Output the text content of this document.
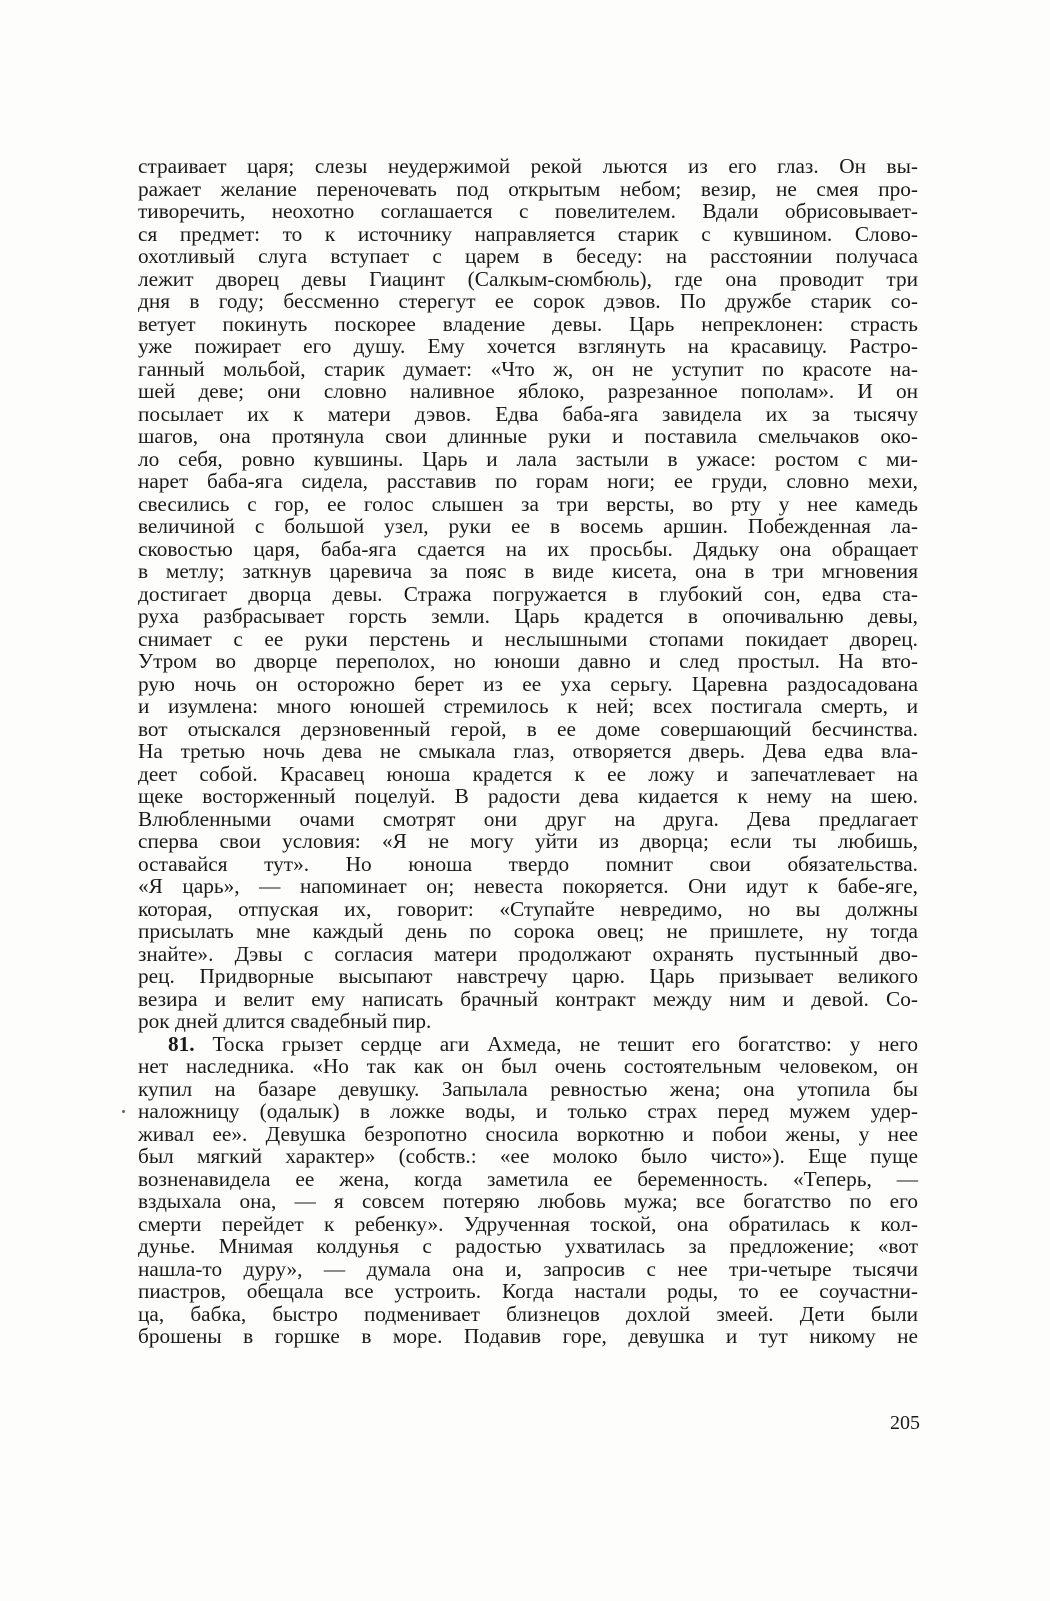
страивает царя; слезы неудержимой рекой льются из его глаз. Он вы-
ражает желание переночевать под открытым небом; везир, не смея про-
тиворечить, неохотно соглашается с повелителем. Вдали обрисовывает-
ся предмет: то к источнику направляется старик с кувшином. Слово-
охотливый слуга вступает с царем в беседу: на расстоянии получаса
лежит дворец девы Гиацинт (Салкым-сюмбюль), где она проводит три
дня в году; бессменно стерегут ее сорок дэвов. По дружбе старик со-
ветует покинуть поскорее владение девы. Царь непреклонен: страсть
уже пожирает его душу. Ему хочется взглянуть на красавицу. Растро-
ганный мольбой, старик думает: «Что ж, он не уступит по красоте на-
шей деве; они словно наливное яблоко, разрезанное пополам». И он
посылает их к матери дэвов. Едва баба-яга завидела их за тысячу
шагов, она протянула свои длинные руки и поставила смельчаков око-
ло себя, ровно кувшины. Царь и лала застыли в ужасе: ростом с ми-
нарет баба-яга сидела, расставив по горам ноги; ее груди, словно мехи,
свесились с гор, ее голос слышен за три версты, во рту у нее камедь
величиной с большой узел, руки ее в восемь аршин. Побежденная ла-
сковостью царя, баба-яга сдается на их просьбы. Дядьку она обращает
в метлу; заткнув царевича за пояс в виде кисета, она в три мгновения
достигает дворца девы. Стража погружается в глубокий сон, едва ста-
руха разбрасывает горсть земли. Царь крадется в опочивальню девы,
снимает с ее руки перстень и неслышными стопами покидает дворец.
Утром во дворце переполох, но юноши давно и след простыл. На вто-
рую ночь он осторожно берет из ее уха серьгу. Царевна раздосадована
и изумлена: много юношей стремилось к ней; всех постигала смерть, и
вот отыскался дерзновенный герой, в ее доме совершающий бесчинства.
На третью ночь дева не смыкала глаз, отворяется дверь. Дева едва вла-
деет собой. Красавец юноша крадется к ее ложу и запечатлевает на
щеке восторженный поцелуй. В радости дева кидается к нему на шею.
Влюбленными очами смотрят они друг на друга. Дева предлагает
сперва свои условия: «Я не могу уйти из дворца; если ты любишь,
оставайся тут». Но юноша твердо помнит свои обязательства.
«Я царь», — напоминает он; невеста покоряется. Они идут к бабе-яге,
которая, отпуская их, говорит: «Ступайте невредимо, но вы должны
присылать мне каждый день по сорока овец; не пришлете, ну тогда
знайте». Дэвы с согласия матери продолжают охранять пустынный дво-
рец. Придворные высыпают навстречу царю. Царь призывает великого
везира и велит ему написать брачный контракт между ним и девой. Со-
рок дней длится свадебный пир.
81. Тоска грызет сердце аги Ахмеда, не тешит его богатство: у него
нет наследника. «Но так как он был очень состоятельным человеком, он
купил на базаре девушку. Запылала ревностью жена; она утопила бы
наложницу (одалык) в ложке воды, и только страх перед мужем удер-
живал ее». Девушка безропотно сносила воркотню и побои жены, у нее
был мягкий характер» (собств.: «ее молоко было чисто»). Еще пуще
возненавидела ее жена, когда заметила ее беременность. «Теперь, —
вздыхала она, — я совсем потеряю любовь мужа; все богатство по его
смерти перейдет к ребенку». Удрученная тоской, она обратилась к кол-
дунье. Мнимая колдунья с радостью ухватилась за предложение; «вот
нашла-то дуру», — думала она и, запросив с нее три-четыре тысячи
пиастров, обещала все устроить. Когда настали роды, то ее соучастни-
ца, бабка, быстро подменивает близнецов дохлой змеей. Дети были
брошены в горшке в море. Подавив горе, девушка и тут никому не
205
